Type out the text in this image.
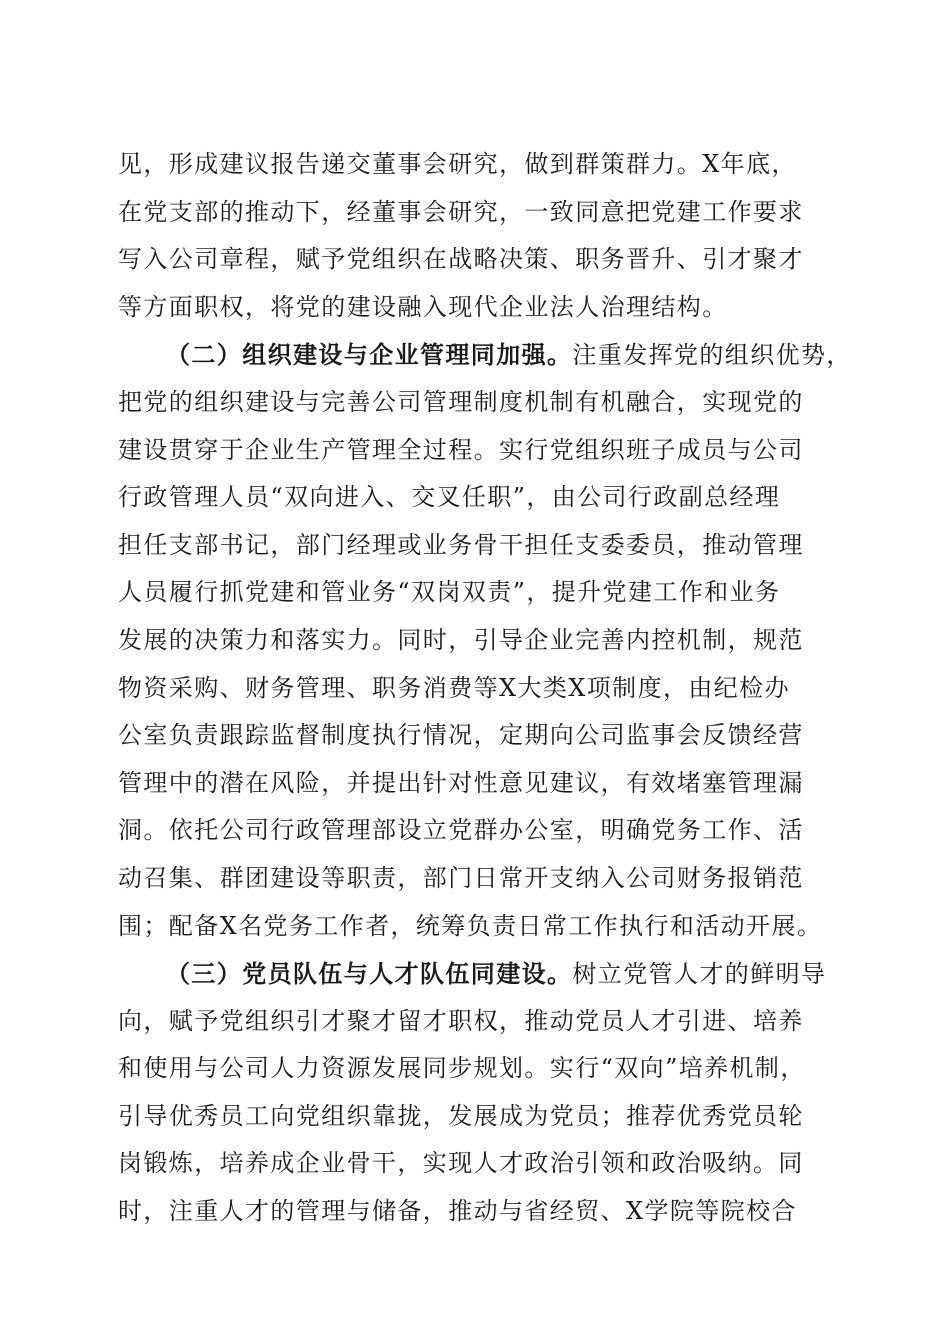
见，形成建议报告递交董事会研究，做到群策群力。X年底，
在党支部的推动下，经董事会研究，一致同意把党建工作要求
写入公司章程，赋予党组织在战略决策、职务晋升、引才聚才
等方面职权，将党的建设融入现代企业法人治理结构。
（二）组织建设与企业管理同加强。注重发挥党的组织优势，
把党的组织建设与完善公司管理制度机制有机融合，实现党的
建设贯穿于企业生产管理全过程。实行党组织班子成员与公司
行政管理人员“双向进入、交叉任职”，由公司行政副总经理
担任支部书记，部门经理或业务骨干担任支委委员，推动管理
人员履行抓党建和管业务“双岗双责”，提升党建工作和业务
发展的决策力和落实力。同时，引导企业完善内控机制，规范
物资采购、财务管理、职务消费等X大类X项制度，由纪检办
公室负责跟踪监督制度执行情况，定期向公司监事会反馈经营
管理中的潜在风险，并提出针对性意见建议，有效堵塞管理漏
洞。依托公司行政管理部设立党群办公室，明确党务工作、活
动召集、群团建设等职责，部门日常开支纳入公司财务报销范
围；配备X名党务工作者，统筹负责日常工作执行和活动开展。
（三）党员队伍与人才队伍同建设。树立党管人才的鲜明导
向，赋予党组织引才聚才留才职权，推动党员人才引进、培养
和使用与公司人力资源发展同步规划。实行“双向”培养机制，
引导优秀员工向党组织靠拢，发展成为党员；推荐优秀党员轮
岗锻炼，培养成企业骨干，实现人才政治引领和政治吸纳。同
时，注重人才的管理与储备，推动与省经贸、X学院等院校合
